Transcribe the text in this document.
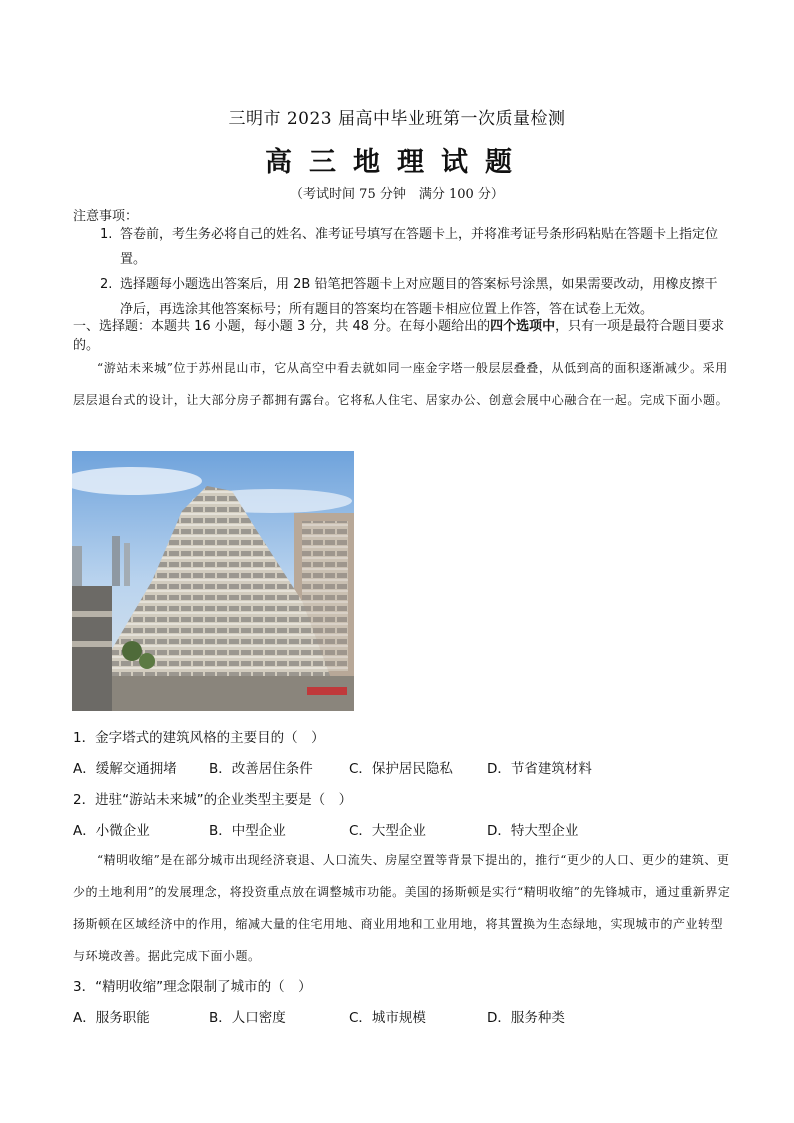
三明市 2023 届高中毕业班第一次质量检测
高三地理试题
（考试时间 75 分钟　满分 100 分）
注意事项：
1. 答卷前，考生务必将自己的姓名、准考证号填写在答题卡上，并将准考证号条形码粘贴在答题卡上指定位置。
2. 选择题每小题选出答案后，用 2B 铅笔把答题卡上对应题目的答案标号涂黑，如果需要改动，用橡皮擦干净后，再选涂其他答案标号；所有题目的答案均在答题卡相应位置上作答，答在试卷上无效。
一、选择题：本题共 16 小题，每小题 3 分，共 48 分。在每小题给出的四个选项中，只有一项是最符合题目要求的。
“游站未来城”位于苏州昆山市，它从高空中看去就如同一座金字塔一般层层叠叠，从低到高的面积逐渐减少。采用层层退台式的设计，让大部分房子都拥有露台。它将私人住宅、居家办公、创意会展中心融合在一起。完成下面小题。
1．金字塔式的建筑风格的主要目的（　）
A．缓解交通拥堵 B．改善居住条件	C．保护居民隐私	D．节省建筑材料
2．进驻“游站未来城”的企业类型主要是（　）
A．小微企业	B．中型企业	C．大型企业	D．特大型企业
“精明收缩”是在部分城市出现经济衰退、人口流失、房屋空置等背景下提出的，推行“更少的人口、更少的建筑、更少的土地利用”的发展理念，将投资重点放在调整城市功能。美国的扬斯顿是实行“精明收缩”的先锋城市，通过重新界定扬斯顿在区域经济中的作用，缩减大量的住宅用地、商业用地和工业用地，将其置换为生态绿地，实现城市的产业转型与环境改善。据此完成下面小题。
3．“精明收缩”理念限制了城市的（　）
A．服务职能	B．人口密度	C．城市规模	D．服务种类
